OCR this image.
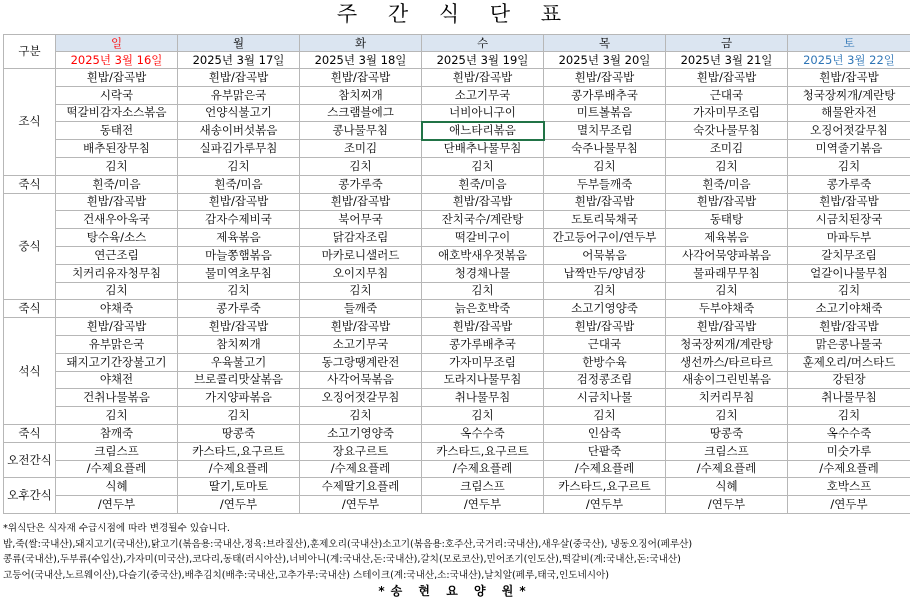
주 간 식 단 표
구분	일	월	화	수	목	금	토
	2025년 3월 16일	2025년 3월 17일	2025년 3월 18일	2025년 3월 19일	2025년 3월 20일	2025년 3월 21일	2025년 3월 22일
조식	흰밥/잡곡밥	흰밥/잡곡밥	흰밥/잡곡밥	흰밥/잡곡밥	흰밥/잡곡밥	흰밥/잡곡밥	흰밥/잡곡밥
	시락국	유부맑은국	참치찌개	소고기무국	콩가루배추국	근대국	청국장찌개/계란탕
	떡갈비감자소스볶음	언양식불고기	스크램블에그	너비아니구이	미트볼볶음	가자미무조림	해물완자전
	동태전	새송이버섯볶음	콩나물무침	애느타리볶음	멸치무조림	숙갓나물무침	오징어젓갈무침
	배추된장무침	실파김가루무침	조미김	단배추나물무침	숙주나물무침	조미김	미역줄기볶음
	김치	김치	김치	김치	김치	김치	김치
죽식	흰죽/미음	흰죽/미음	콩가루죽	흰죽/미음	두부들깨죽	흰죽/미음	콩가루죽
중식	흰밥/잡곡밥	흰밥/잡곡밥	흰밥/잡곡밥	흰밥/잡곡밥	흰밥/잡곡밥	흰밥/잡곡밥	흰밥/잡곡밥
	건새우아욱국	감자수제비국	북어무국	잔치국수/계란탕	도토리묵채국	동태탕	시금치된장국
	탕수육/소스	제육볶음	닭감자조림	떡갈비구이	간고등어구이/연두부	제육볶음	마파두부
	연근조림	마늘쫑햄볶음	마카로니샐러드	애호박새우젓볶음	어묵볶음	사각어묵양파볶음	갈치무조림
	치커리유자청무침	물미역초무침	오이지무침	청경채나물	납짝만두/양념장	물파래무무침	얼갈이나물무침
	김치	김치	김치	김치	김치	김치	김치
죽식	야채죽	콩가루죽	들깨죽	늙은호박죽	소고기영양죽	두부야채죽	소고기야채죽
석식	흰밥/잡곡밥	흰밥/잡곡밥	흰밥/잡곡밥	흰밥/잡곡밥	흰밥/잡곡밥	흰밥/잡곡밥	흰밥/잡곡밥
	유부맑은국	참치찌개	소고기무국	콩가루배추국	근대국	청국장찌개/계란탕	맑은콩나물국
	돼지고기간장불고기	우육불고기	동그랑땡계란전	가자미무조림	한방수육	생선까스/타르타르	훈제오리/머스타드
	야채전	브로콜리맛살볶음	사각어묵볶음	도라지나물무침	검정콩조림	새송이그린빈볶음	강된장
	건취나물볶음	가지양파볶음	오징어젓갈무침	취나물무침	시금치나물	치커리무침	취나물무침
	김치	김치	김치	김치	김치	김치	김치
죽식	참깨죽	땅콩죽	소고기영양죽	옥수수죽	인삼죽	땅콩죽	옥수수죽
오전간식	크림스프	카스타드,요구르트	장요구르트	카스타드,요구르트	단팥죽	크림스프	미숫가루
	/수제요플레	/수제요플레	/수제요플레	/수제요플레	/수제요플레	/수제요플레	/수제요플레
오후간식	식혜	딸기,토마토	수제딸기요플레	크림스프	카스타드,요구르트	식혜	호박스프
	/연두부	/연두부	/연두부	/연두부	/연두부	/연두부	/연두부
*위식단은 식자재 수급시점에 따라 변경될수 있습니다.
밥,죽(쌀:국내산),돼지고기(국내산),닭고기(볶음용:국내산,정육:브라질산),훈제오리(국내산)소고기(볶음용:호주산,국거리:국내산),새우살(중국산), 냉동오징어(페루산)
콩류(국내산),두부류(수입산),가자미(미국산),코다리,동태(러시아산),너비아니(계:국내산,돈:국내산),갈치(모로코산),민어조기(인도산),떡갈비(계:국내산,돈:국내산)
고등어(국내산,노르웨이산),다슬기(중국산),배추김치(배추:국내산,고추가루:국내산) 스테이크(계:국내산,소:국내산),날치알(페루,태국,인도네시아)
*송 현 요 양 원*
